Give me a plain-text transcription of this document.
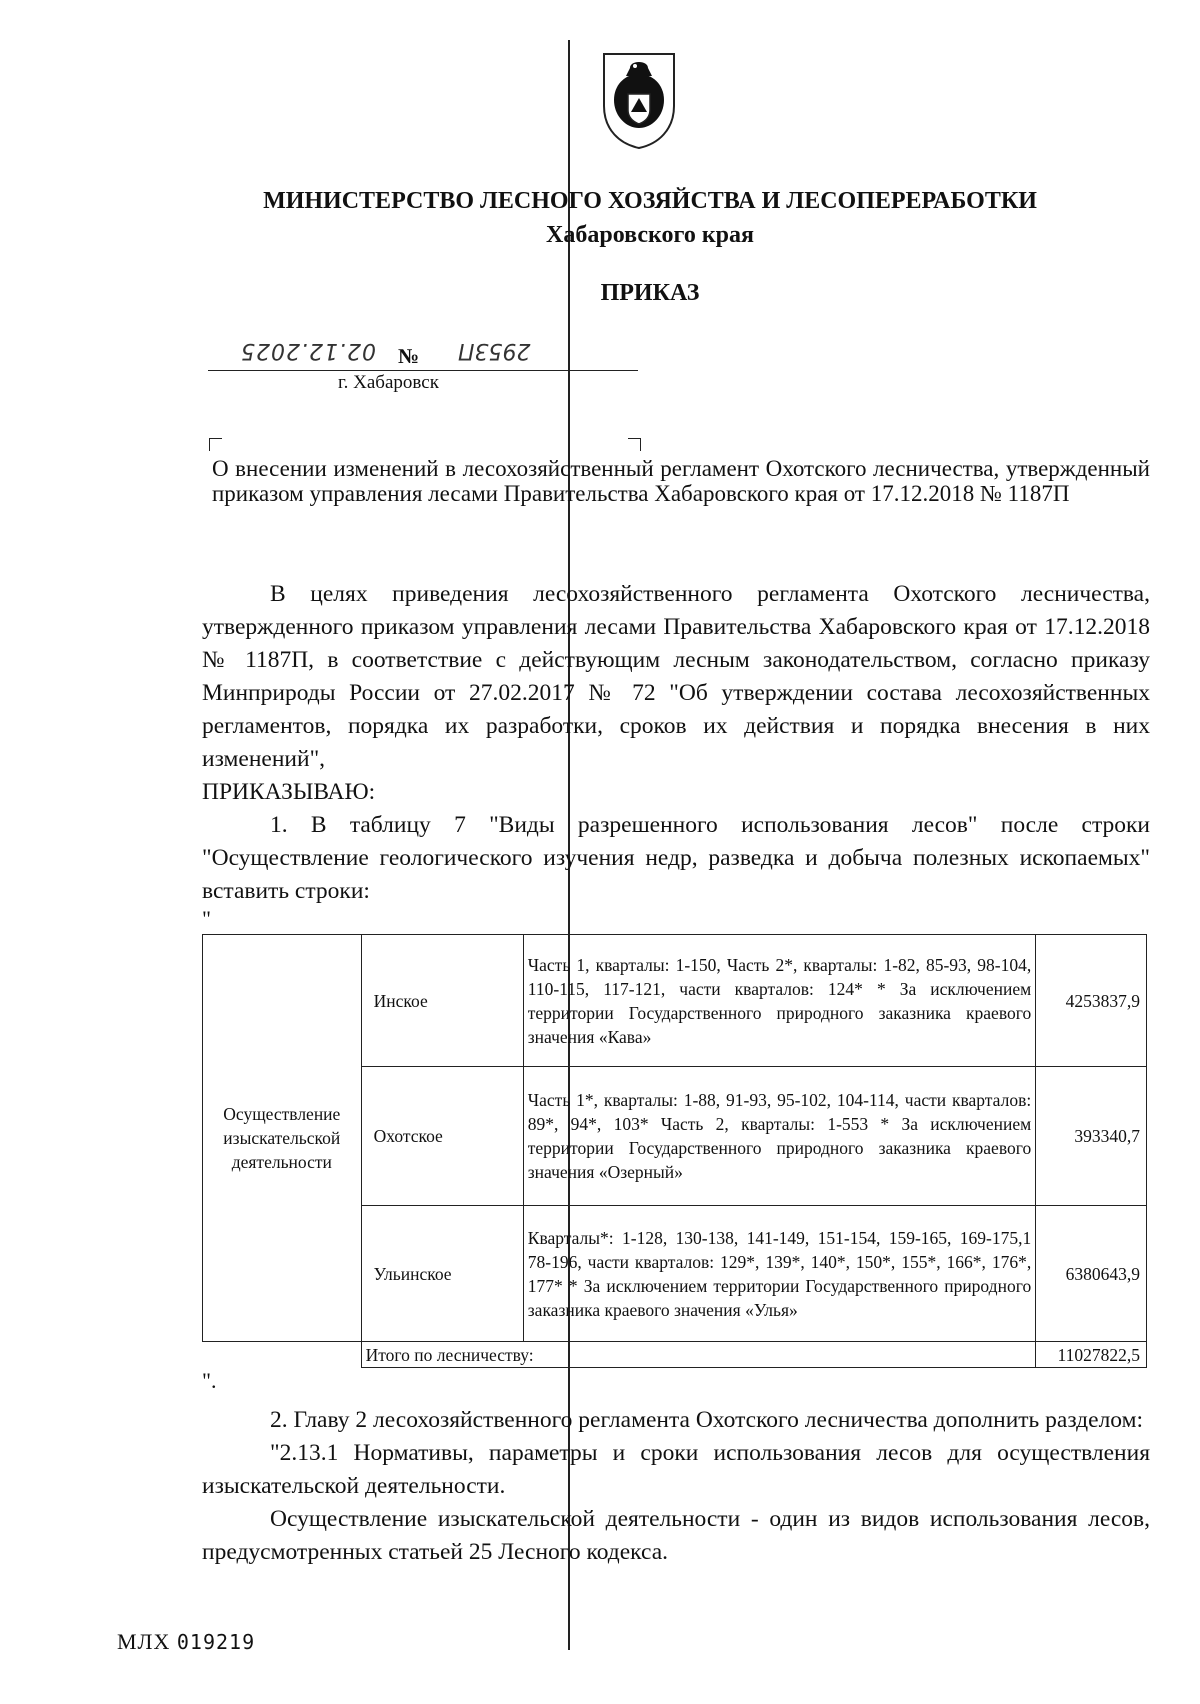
МИНИСТЕРСТВО ЛЕСНОГО ХОЗЯЙСТВА И ЛЕСОПЕРЕРАБОТКИ
Хабаровского края
ПРИКАЗ
02.12.2025 № 2953П
г. Хабаровск
О внесении изменений в лесохозяйственный регламент Охотского лесничества, утвержденный приказом управления лесами Правительства Хабаровского края от 17.12.2018 № 1187П

В целях приведения лесохозяйственного регламента Охотского лесничества, утвержденного приказом управления лесами Правительства Хабаровского края от 17.12.2018 № 1187П, в соответствие с действующим лесным законодательством, согласно приказу Минприроды России от 27.02.2017 № 72 "Об утверждении состава лесохозяйственных регламентов, порядка их разработки, сроков их действия и порядка внесения в них изменений",

ПРИКАЗЫВАЮ:

1. В таблицу 7 "Виды разрешенного использования лесов" после строки "Осуществление геологического изучения недр, разведка и добыча полезных ископаемых" вставить строки:

"
Осуществление изыскательской деятельности	Инское	Часть 1, кварталы: 1-150, Часть 2*, кварталы: 1-82, 85-93, 98-104, 110-115, 117-121, части кварталов: 124* * За исключением территории Государственного природного заказника краевого значения «Кава»	4253837,9
	Охотское	Часть 1*, кварталы: 1-88, 91-93, 95-102, 104-114, части кварталов: 89*, 94*, 103* Часть 2, кварталы: 1-553 * За исключением территории Государственного природного заказника краевого значения «Озерный»	393340,7
	Ульинское	Кварталы*: 1-128, 130-138, 141-149, 151-154, 159-165, 169-175,1 78-196, части кварталов: 129*, 139*, 140*, 150*, 155*, 166*, 176*, 177* * За исключением территории Государственного природного заказника краевого значения «Улья»	6380643,9
	Итого по лесничеству:		11027822,5
".

2. Главу 2 лесохозяйственного регламента Охотского лесничества дополнить разделом:

"2.13.1 Нормативы, параметры и сроки использования лесов для осуществления изыскательской деятельности.

Осуществление изыскательской деятельности - один из видов использования лесов, предусмотренных статьей 25 Лесного кодекса.

МЛХ 019219
